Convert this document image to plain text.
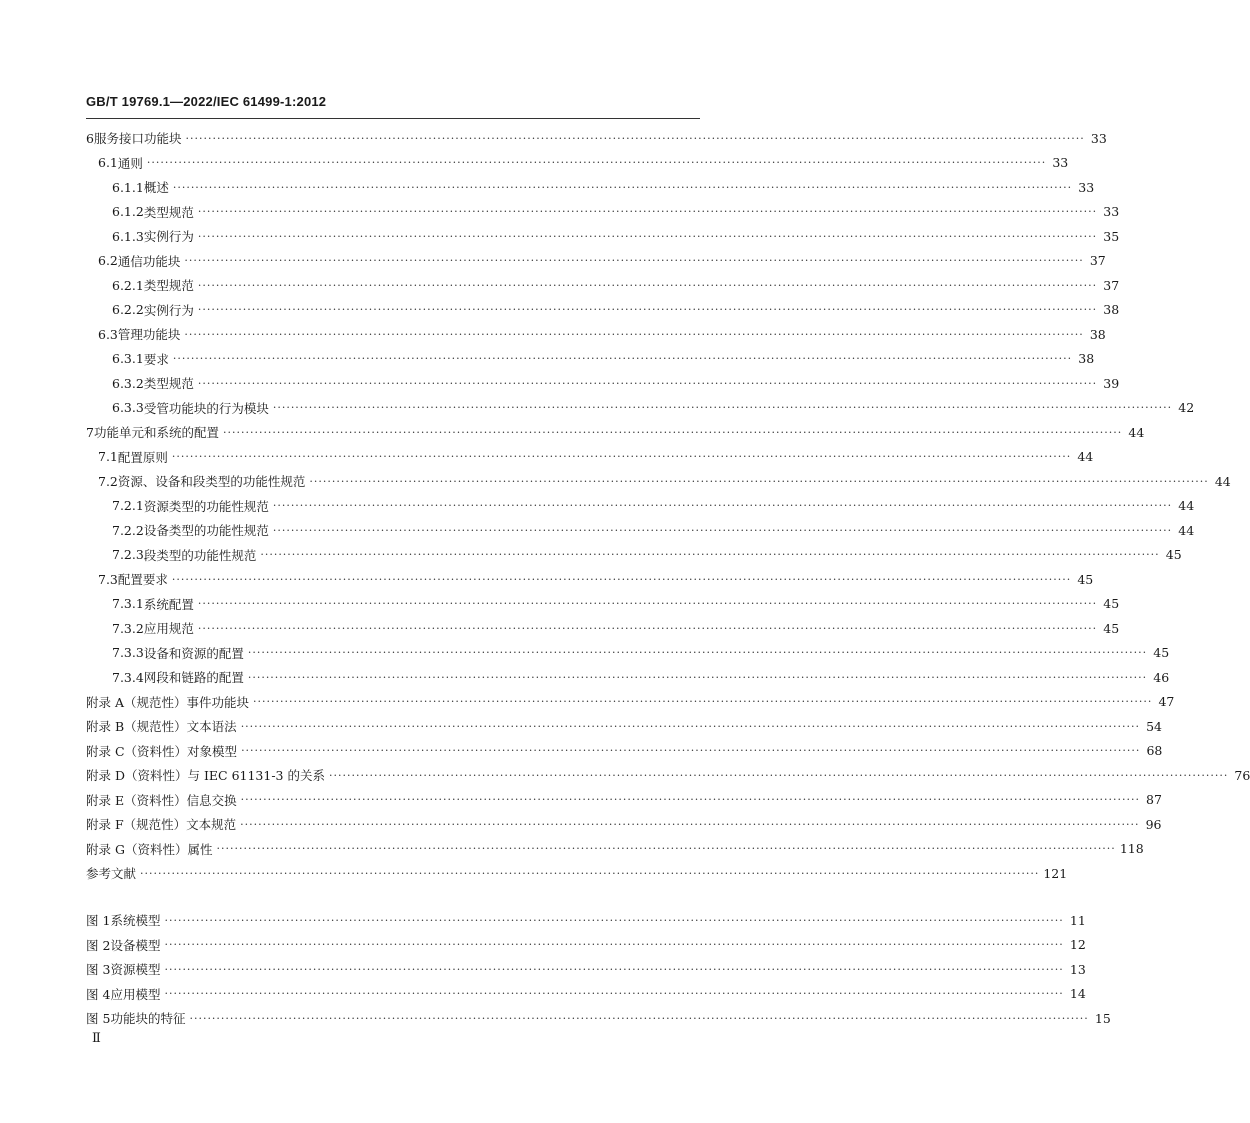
GB/T 19769.1—2022/IEC 61499-1:2012
6 服务接口功能块 ········································································································································································································ 33
6.1 通则 ········································································································································································································ 33
6.1.1 概述 ········································································································································································································ 33
6.1.2 类型规范 ········································································································································································································ 33
6.1.3 实例行为 ········································································································································································································ 35
6.2 通信功能块 ········································································································································································································ 37
6.2.1 类型规范 ········································································································································································································ 37
6.2.2 实例行为 ········································································································································································································ 38
6.3 管理功能块 ········································································································································································································ 38
6.3.1 要求 ········································································································································································································ 38
6.3.2 类型规范 ········································································································································································································ 39
6.3.3 受管功能块的行为模块 ········································································································································································································ 42
7 功能单元和系统的配置 ········································································································································································································ 44
7.1 配置原则 ········································································································································································································ 44
7.2 资源、设备和段类型的功能性规范 ········································································································································································································ 44
7.2.1 资源类型的功能性规范 ········································································································································································································ 44
7.2.2 设备类型的功能性规范 ········································································································································································································ 44
7.2.3 段类型的功能性规范 ········································································································································································································ 45
7.3 配置要求 ········································································································································································································ 45
7.3.1 系统配置 ········································································································································································································ 45
7.3.2 应用规范 ········································································································································································································ 45
7.3.3 设备和资源的配置 ········································································································································································································ 45
7.3.4 网段和链路的配置 ········································································································································································································ 46
附录 A（规范性） 事件功能块 ········································································································································································································ 47
附录 B（规范性） 文本语法 ········································································································································································································ 54
附录 C（资料性） 对象模型 ········································································································································································································ 68
附录 D（资料性） 与 IEC 61131-3 的关系 ········································································································································································································ 76
附录 E（资料性） 信息交换 ········································································································································································································ 87
附录 F（规范性） 文本规范 ········································································································································································································ 96
附录 G（资料性） 属性 ········································································································································································································ 118
参考文献 ········································································································································································································ 121
图 1 系统模型 ········································································································································································································ 11
图 2 设备模型 ········································································································································································································ 12
图 3 资源模型 ········································································································································································································ 13
图 4 应用模型 ········································································································································································································ 14
图 5 功能块的特征 ········································································································································································································ 15
Ⅱ
